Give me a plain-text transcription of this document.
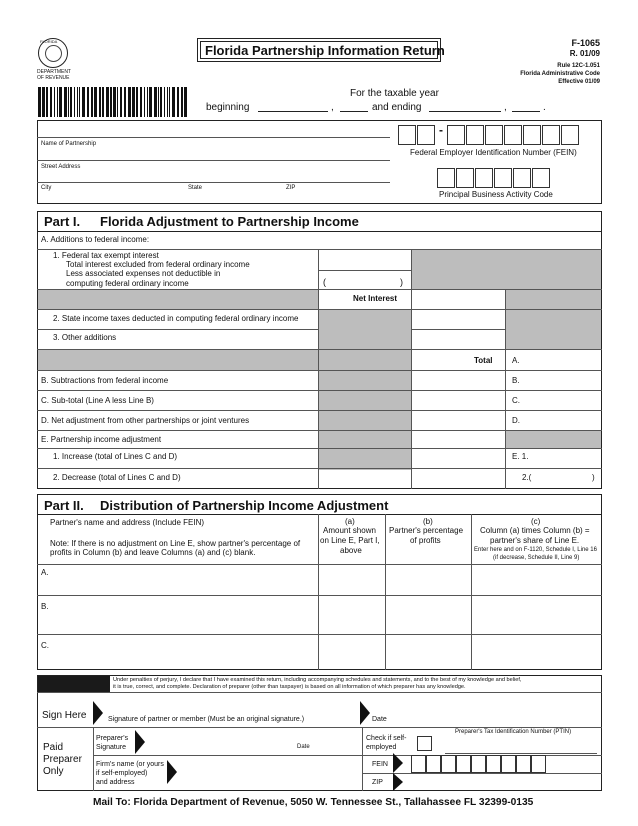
FLORIDA
DEPARTMENT
OF REVENUE
Florida Partnership Information Return	F-1065
R. 01/09
Rule 12C-1.051
Florida Administrative Code
Effective 01/09
For the taxable year
beginning	,	and ending	,	.
Name of Partnership
Street Address
City	State	ZIP
-
Federal Employer Identification Number (FEIN)
Principal Business Activity Code
Part I. Florida Adjustment to Partnership Income
A. Additions to federal income:
1. Federal tax exempt interest
Total interest excluded from federal ordinary income
Less associated expenses not deductible in
computing federal ordinary income	(	)
Net Interest
2. State income taxes deducted in computing federal ordinary income
3. Other additions
Total A.
B. Subtractions from federal income	B.
C. Sub-total (Line A less Line B)	C.
D. Net adjustment from other partnerships or joint ventures	D.
E. Partnership income adjustment
1. Increase (total of Lines C and D)	E. 1.
2. Decrease (total of Lines C and D)	2.(	)
Part II. Distribution of Partnership Income Adjustment
Partner's name and address (Include FEIN)
Note: If there is no adjustment on Line E, show partner's percentage of
profits in Column (b) and leave Columns (a) and (c) blank.
(a)
Amount shown
on Line E, Part I,
above
(b)
Partner's percentage
of profits
(c)
Column (a) times Column (b) =
partner's share of Line E.
Enter here and on F-1120, Schedule I, Line 16
(if decrease, Schedule II, Line 9)
A.
B.
C.
Under penalties of perjury, I declare that I have examined this return, including accompanying schedules and statements, and to the best of my knowledge and belief,
it is true, correct, and complete. Declaration of preparer (other than taxpayer) is based on all information of which preparer has any knowledge.
Sign Here	Signature of partner or member (Must be an original signature.)	Date
Paid
Preparer
Only
Preparer's
Signature	Date
Check if self-
employed
Preparer's Tax Identification Number (PTIN)
Firm's name (or yours
if self-employed)
and address
FEIN
ZIP
Mail To: Florida Department of Revenue, 5050 W. Tennessee St., Tallahassee FL 32399-0135
